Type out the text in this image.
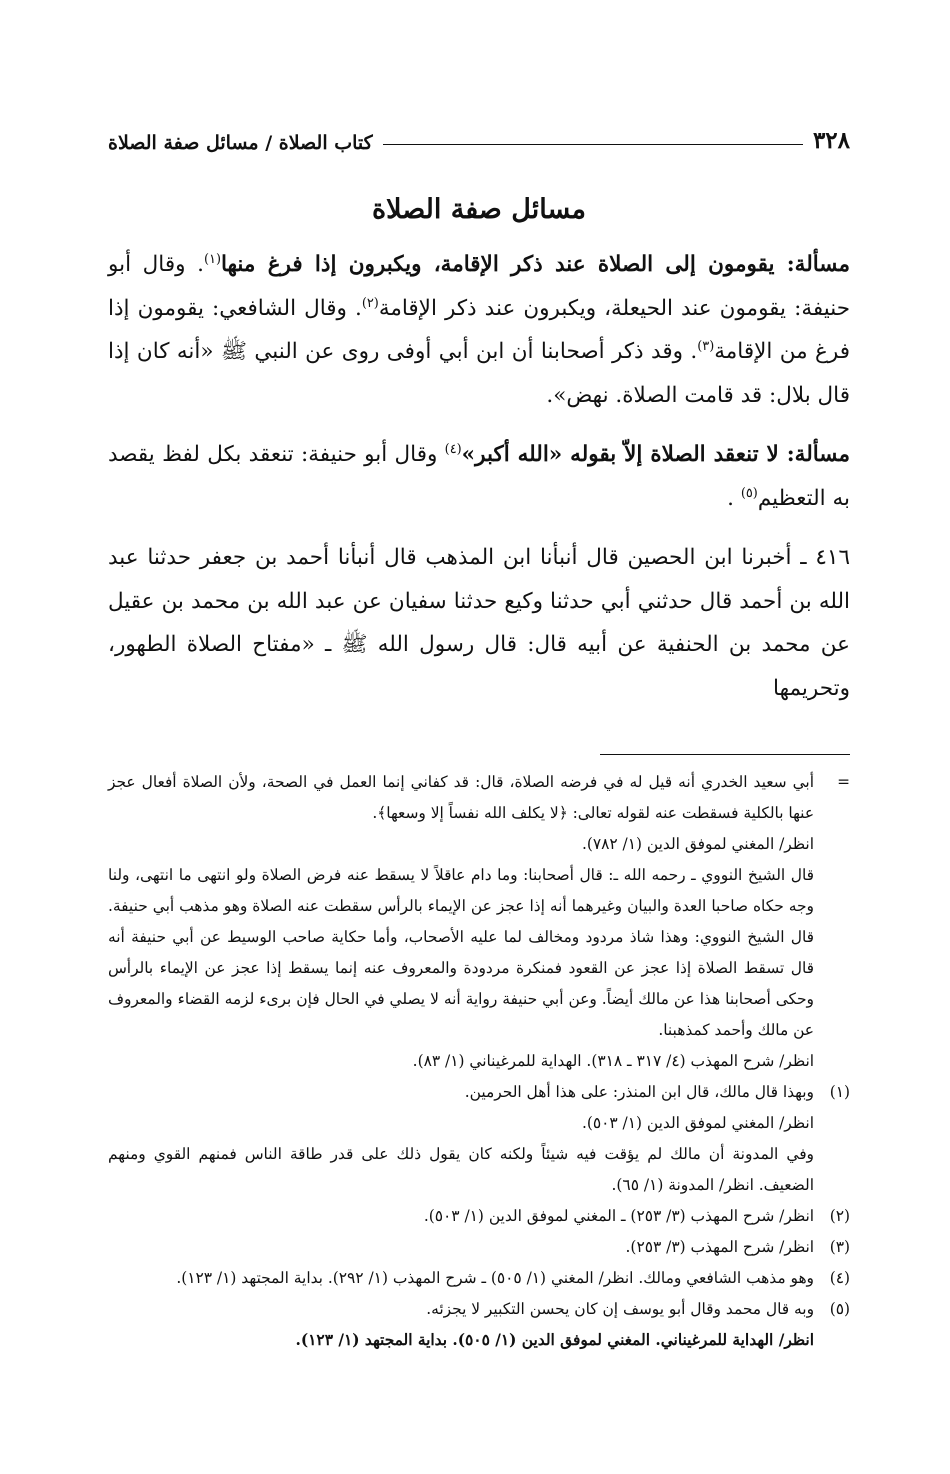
٣٢٨
كتاب الصلاة / مسائل صفة الصلاة
مسائل صفة الصلاة

مسألة: يقومون إلى الصلاة عند ذكر الإقامة، ويكبرون إذا فرغ منها$^{(١)}$. وقال أبو حنيفة: يقومون عند الحيعلة، ويكبرون عند ذكر الإقامة$^{(٢)}$. وقال الشافعي: يقومون إذا فرغ من الإقامة$^{(٣)}$. وقد ذكر أصحابنا أن ابن أبي أوفى روى عن النبي ﷺ «أنه كان إذا قال بلال: قد قامت الصلاة. نهض».

مسألة: لا تنعقد الصلاة إلاّ بقوله «الله أكبر»$^{(٤)}$ وقال أبو حنيفة: تنعقد بكل لفظ يقصد به التعظيم$^{(٥)}$ .

٤١٦ ـ أخبرنا ابن الحصين قال أنبأنا ابن المذهب قال أنبأنا أحمد بن جعفر حدثنا عبد الله بن أحمد قال حدثني أبي حدثنا وكيع حدثنا سفيان عن عبد الله بن محمد بن عقيل عن محمد بن الحنفية عن أبيه قال: قال رسول الله ﷺ ـ «مفتاح الصلاة الطهور، وتحريمها

=

أبي سعيد الخدري أنه قيل له في فرضه الصلاة، قال: قد كفاني إنما العمل في الصحة، ولأن الصلاة أفعال عجز عنها بالكلية فسقطت عنه لقوله تعالى: ﴿لا يكلف الله نفساً إلا وسعها﴾.

انظر/ المغني لموفق الدين (١/ ٧٨٢).

قال الشيخ النووي ـ رحمه الله ـ: قال أصحابنا: وما دام عاقلاً لا يسقط عنه فرض الصلاة ولو انتهى ما انتهى، ولنا وجه حكاه صاحبا العدة والبيان وغيرهما أنه إذا عجز عن الإيماء بالرأس سقطت عنه الصلاة وهو مذهب أبي حنيفة. قال الشيخ النووي: وهذا شاذ مردود ومخالف لما عليه الأصحاب، وأما حكاية صاحب الوسيط عن أبي حنيفة أنه قال تسقط الصلاة إذا عجز عن القعود فمنكرة مردودة والمعروف عنه إنما يسقط إذا عجز عن الإيماء بالرأس وحكى أصحابنا هذا عن مالك أيضاً. وعن أبي حنيفة رواية أنه لا يصلي في الحال فإن برىء لزمه القضاء والمعروف عن مالك وأحمد كمذهبنا.

انظر/ شرح المهذب (٤/ ٣١٧ ـ ٣١٨). الهداية للمرغيناني (١/ ٨٣).

(١)

وبهذا قال مالك، قال ابن المنذر: على هذا أهل الحرمين.

انظر/ المغني لموفق الدين (١/ ٥٠٣).

وفي المدونة أن مالك لم يؤقت فيه شيئاً ولكنه كان يقول ذلك على قدر طاقة الناس فمنهم القوي ومنهم الضعيف. انظر/ المدونة (١/ ٦٥).

(٢)

انظر/ شرح المهذب (٣/ ٢٥٣) ـ المغني لموفق الدين (١/ ٥٠٣).

(٣)

انظر/ شرح المهذب (٣/ ٢٥٣).

(٤)

وهو مذهب الشافعي ومالك. انظر/ المغني (١/ ٥٠٥) ـ شرح المهذب (١/ ٢٩٢). بداية المجتهد (١/ ١٢٣).

(٥)

وبه قال محمد وقال أبو يوسف إن كان يحسن التكبير لا يجزئه.

انظر/ الهداية للمرغيناني. المغني لموفق الدين (١/ ٥٠٥). بداية المجتهد (١/ ١٢٣).
